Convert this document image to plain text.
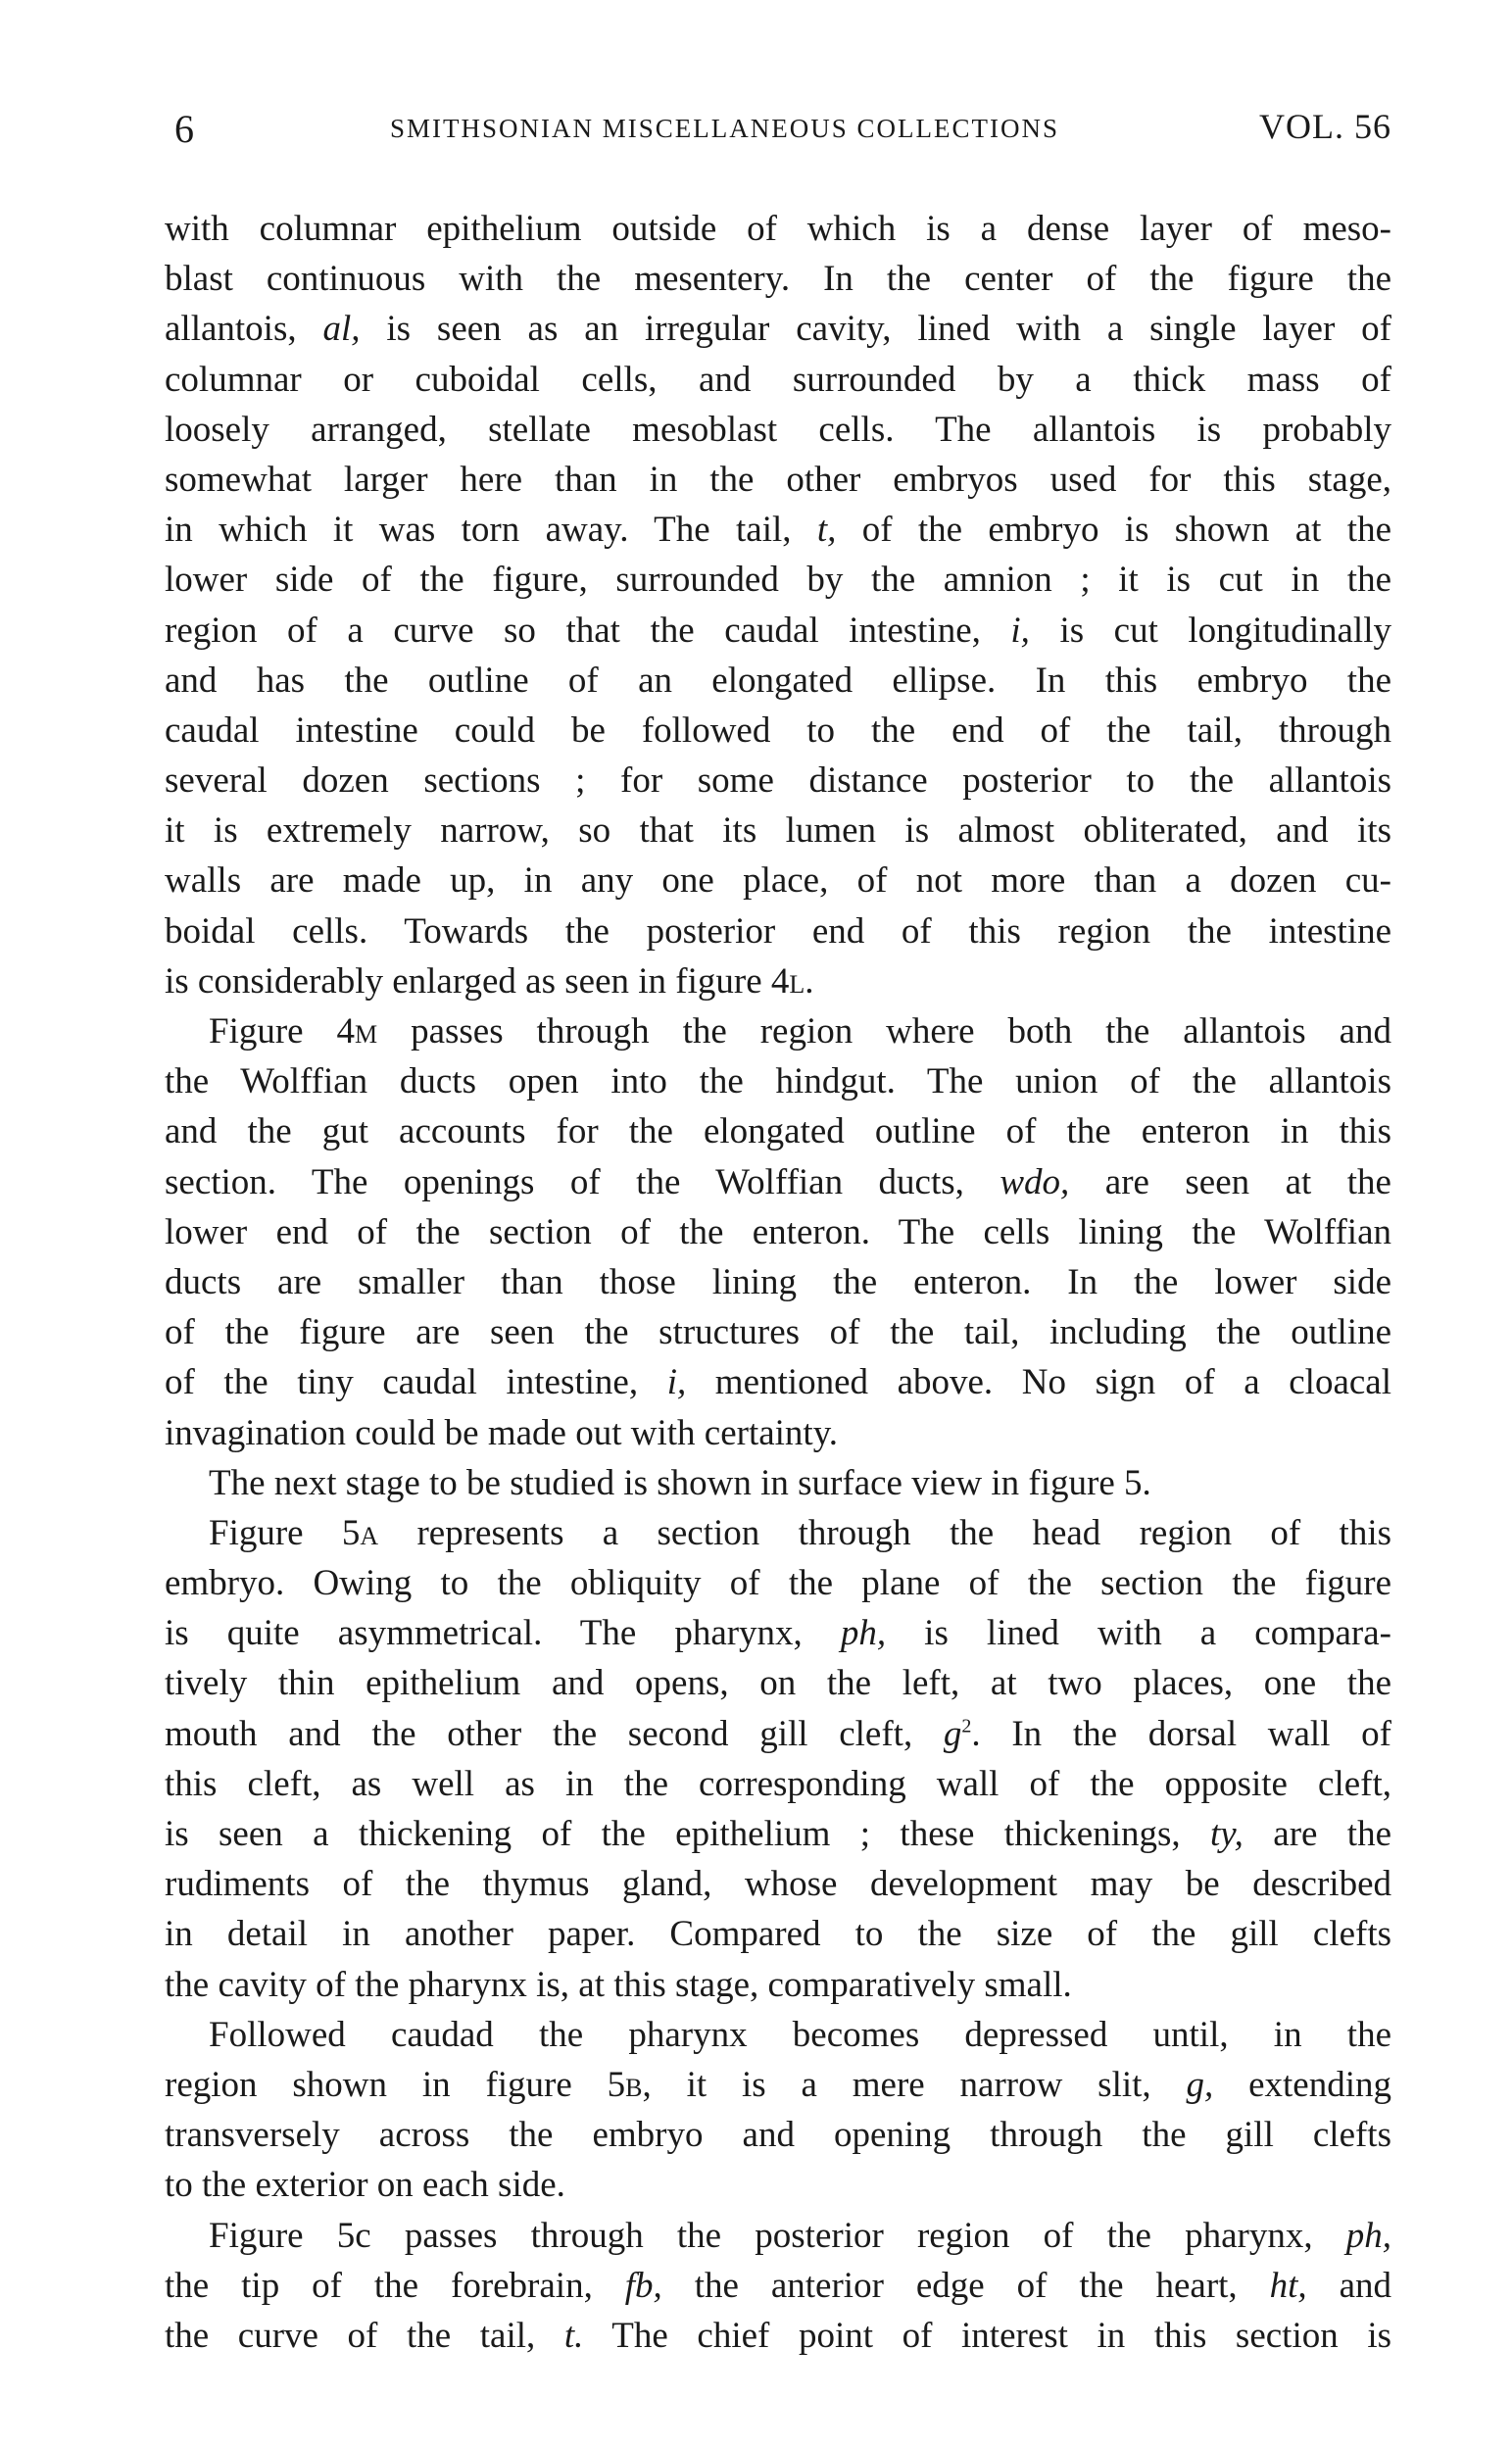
6	SMITHSONIAN MISCELLANEOUS COLLECTIONS	VOL. 56
with columnar epithelium outside of which is a dense layer of meso-
blast continuous with the mesentery. In the center of the figure the
allantois, al, is seen as an irregular cavity, lined with a single layer of
columnar or cuboidal cells, and surrounded by a thick mass of
loosely arranged, stellate mesoblast cells. The allantois is probably
somewhat larger here than in the other embryos used for this stage,
in which it was torn away. The tail, t, of the embryo is shown at the
lower side of the figure, surrounded by the amnion ; it is cut in the
region of a curve so that the caudal intestine, i, is cut longitudinally
and has the outline of an elongated ellipse. In this embryo the
caudal intestine could be followed to the end of the tail, through
several dozen sections ; for some distance posterior to the allantois
it is extremely narrow, so that its lumen is almost obliterated, and its
walls are made up, in any one place, of not more than a dozen cu-
boidal cells. Towards the posterior end of this region the intestine
is considerably enlarged as seen in figure 4l.
Figure 4m passes through the region where both the allantois and
the Wolffian ducts open into the hindgut. The union of the allantois
and the gut accounts for the elongated outline of the enteron in this
section. The openings of the Wolffian ducts, wdo, are seen at the
lower end of the section of the enteron. The cells lining the Wolffian
ducts are smaller than those lining the enteron. In the lower side
of the figure are seen the structures of the tail, including the outline
of the tiny caudal intestine, i, mentioned above. No sign of a cloacal
invagination could be made out with certainty.
The next stage to be studied is shown in surface view in figure 5.
Figure 5a represents a section through the head region of this
embryo. Owing to the obliquity of the plane of the section the figure
is quite asymmetrical. The pharynx, ph, is lined with a compara-
tively thin epithelium and opens, on the left, at two places, one the
mouth and the other the second gill cleft, $g^2$. In the dorsal wall of
this cleft, as well as in the corresponding wall of the opposite cleft,
is seen a thickening of the epithelium ; these thickenings, ty, are the
rudiments of the thymus gland, whose development may be described
in detail in another paper. Compared to the size of the gill clefts
the cavity of the pharynx is, at this stage, comparatively small.
Followed caudad the pharynx becomes depressed until, in the
region shown in figure 5b, it is a mere narrow slit, g, extending
transversely across the embryo and opening through the gill clefts
to the exterior on each side.
Figure 5c passes through the posterior region of the pharynx, ph,
the tip of the forebrain, fb, the anterior edge of the heart, ht, and
the curve of the tail, t. The chief point of interest in this section is
